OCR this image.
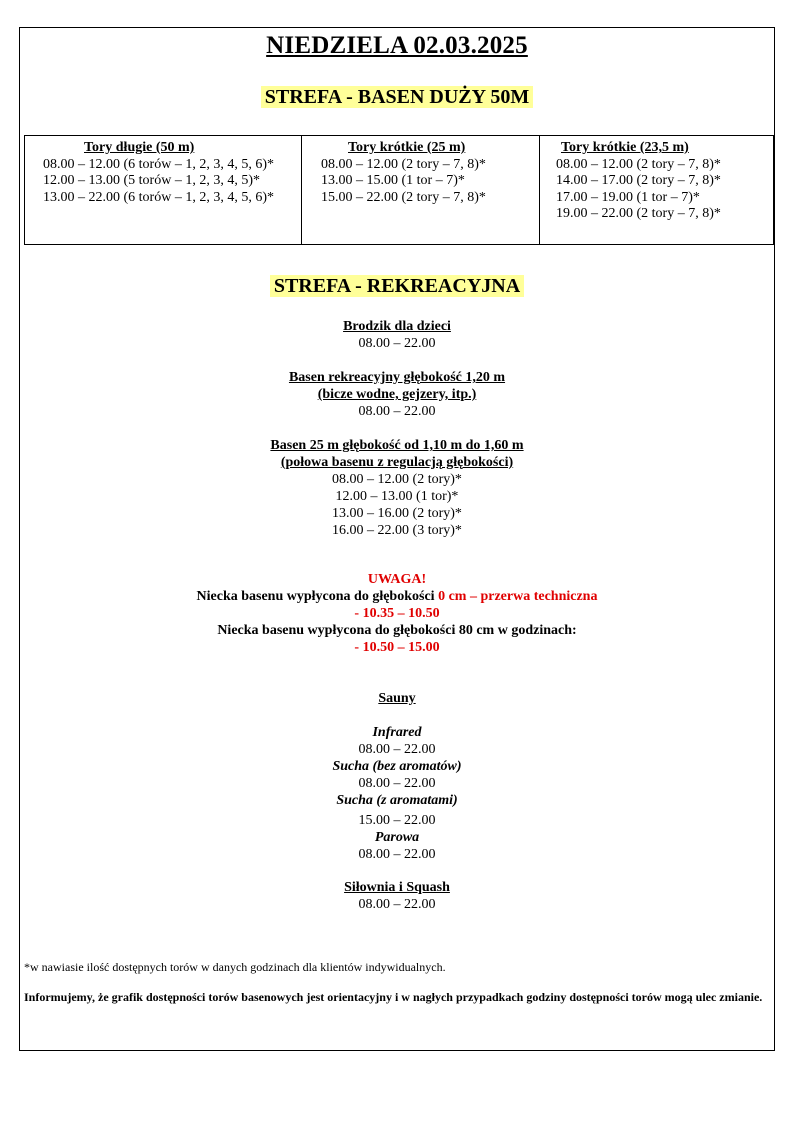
NIEDZIELA 02.03.2025
STREFA - BASEN DUŻY 50M
Tory długie (50 m)
08.00 – 12.00 (6 torów – 1, 2, 3, 4, 5, 6)*
12.00 – 13.00 (5 torów – 1, 2, 3, 4, 5)*
13.00 – 22.00 (6 torów – 1, 2, 3, 4, 5, 6)*
Tory krótkie (25 m)
08.00 – 12.00 (2 tory – 7, 8)*
13.00 – 15.00 (1 tor – 7)*
15.00 – 22.00 (2 tory – 7, 8)*
Tory krótkie (23,5 m)
08.00 – 12.00 (2 tory – 7, 8)*
14.00 – 17.00 (2 tory – 7, 8)*
17.00 – 19.00 (1 tor – 7)*
19.00 – 22.00 (2 tory – 7, 8)*
STREFA - REKREACYJNA
Brodzik dla dzieci
08.00 – 22.00
Basen rekreacyjny głębokość 1,20 m
(bicze wodne, gejzery, itp.)
08.00 – 22.00
Basen 25 m głębokość od 1,10 m do 1,60 m
(połowa basenu z regulacją głębokości)
08.00 – 12.00 (2 tory)*
12.00 – 13.00 (1 tor)*
13.00 – 16.00 (2 tory)*
16.00 – 22.00 (3 tory)*
UWAGA!
Niecka basenu wypłycona do głębokości 0 cm – przerwa techniczna
- 10.35 – 10.50
Niecka basenu wypłycona do głębokości 80 cm w godzinach:
- 10.50 – 15.00
Sauny
Infrared
08.00 – 22.00
Sucha (bez aromatów)
08.00 – 22.00
Sucha (z aromatami)
15.00 – 22.00
Parowa
08.00 – 22.00
Siłownia i Squash
08.00 – 22.00
*w nawiasie ilość dostępnych torów w danych godzinach dla klientów indywidualnych.
Informujemy, że grafik dostępności torów basenowych jest orientacyjny i w nagłych przypadkach godziny dostępności torów mogą ulec zmianie.
